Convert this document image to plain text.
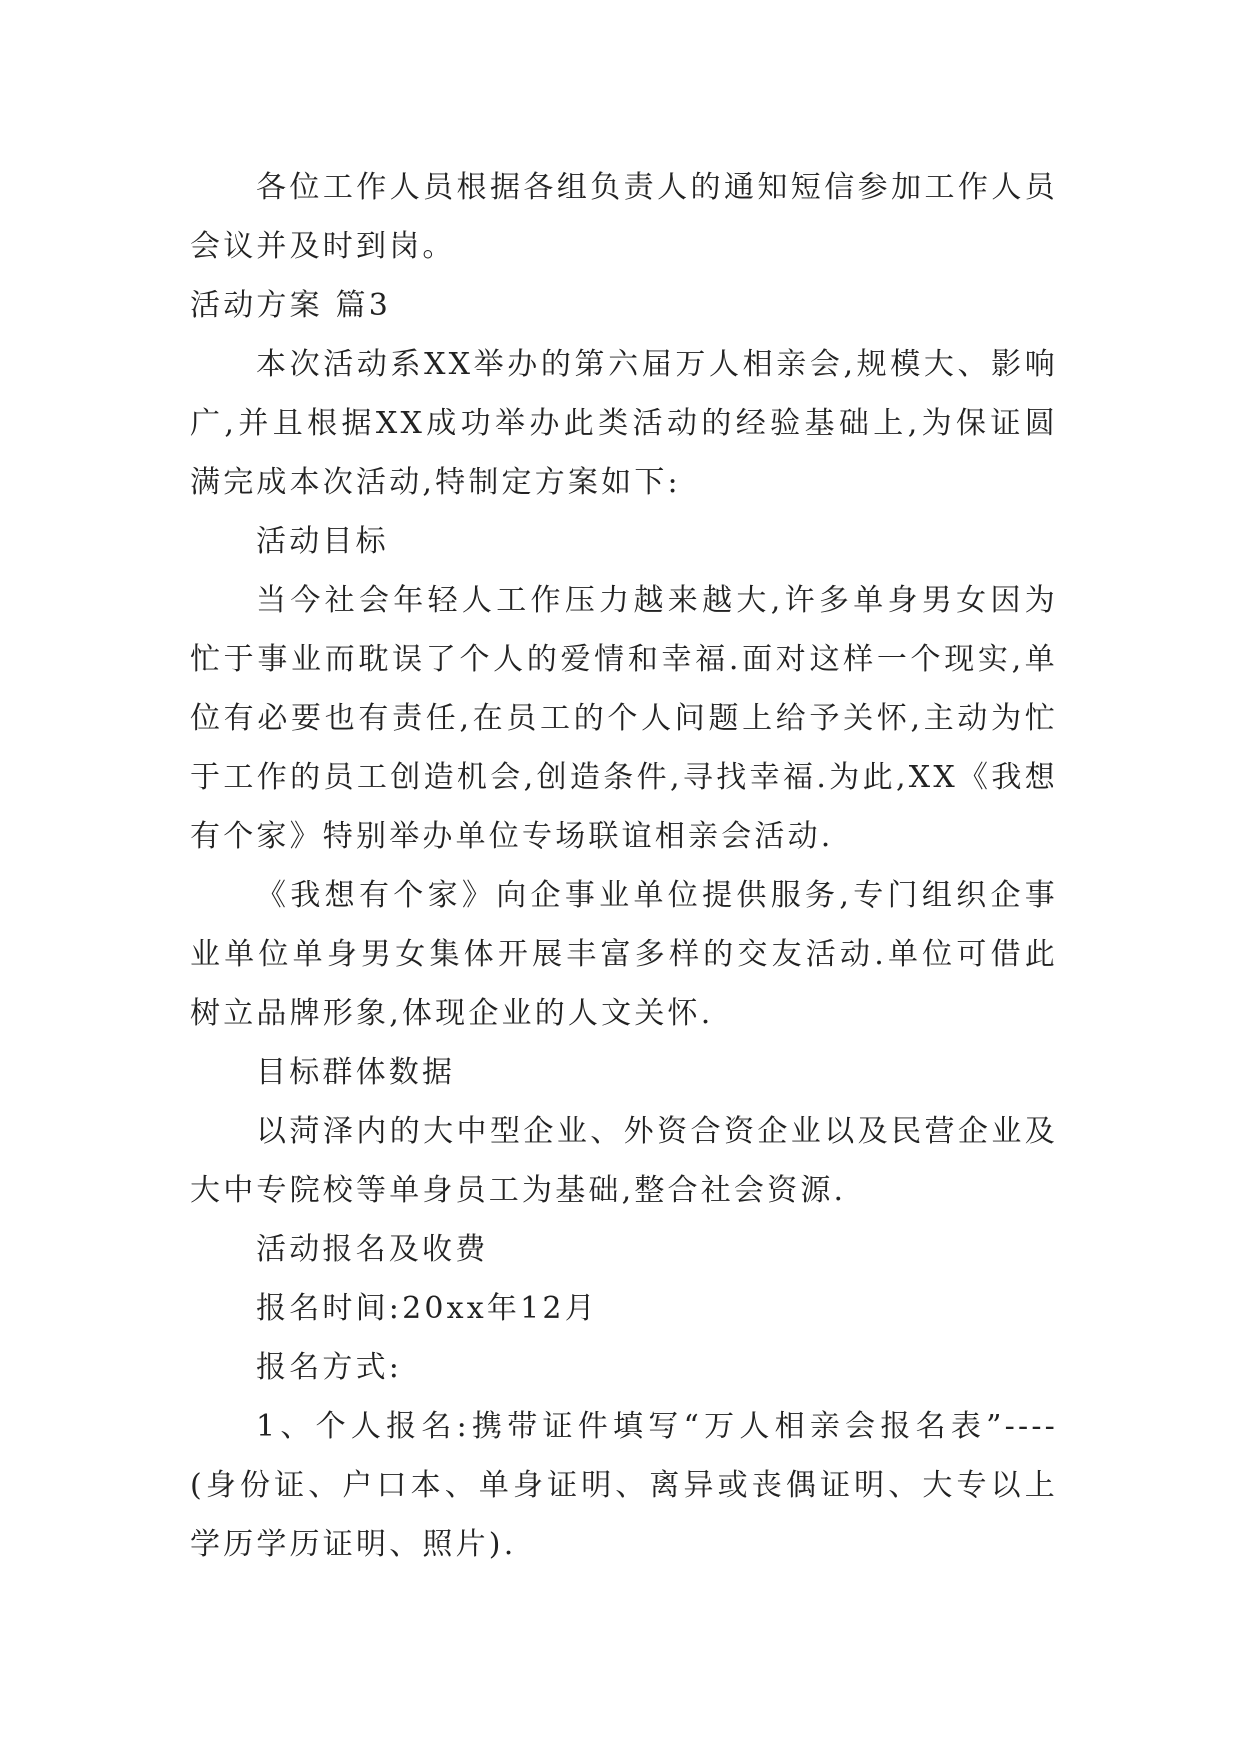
各位工作人员根据各组负责人的通知短信参加工作人员会议并及时到岗。

活动方案 篇3

本次活动系XX举办的第六届万人相亲会,规模大、影响广,并且根据XX成功举办此类活动的经验基础上,为保证圆满完成本次活动,特制定方案如下:

活动目标

当今社会年轻人工作压力越来越大,许多单身男女因为忙于事业而耽误了个人的爱情和幸福.面对这样一个现实,单位有必要也有责任,在员工的个人问题上给予关怀,主动为忙于工作的员工创造机会,创造条件,寻找幸福.为此,XX《我想有个家》特别举办单位专场联谊相亲会活动.

《我想有个家》向企事业单位提供服务,专门组织企事业单位单身男女集体开展丰富多样的交友活动.单位可借此树立品牌形象,体现企业的人文关怀.

目标群体数据

以菏泽内的大中型企业、外资合资企业以及民营企业及大中专院校等单身员工为基础,整合社会资源.

活动报名及收费

报名时间:20xx年12月

报名方式:

1、个人报名:携带证件填写“万人相亲会报名表”----(身份证、户口本、单身证明、离异或丧偶证明、大专以上学历学历证明、照片).
